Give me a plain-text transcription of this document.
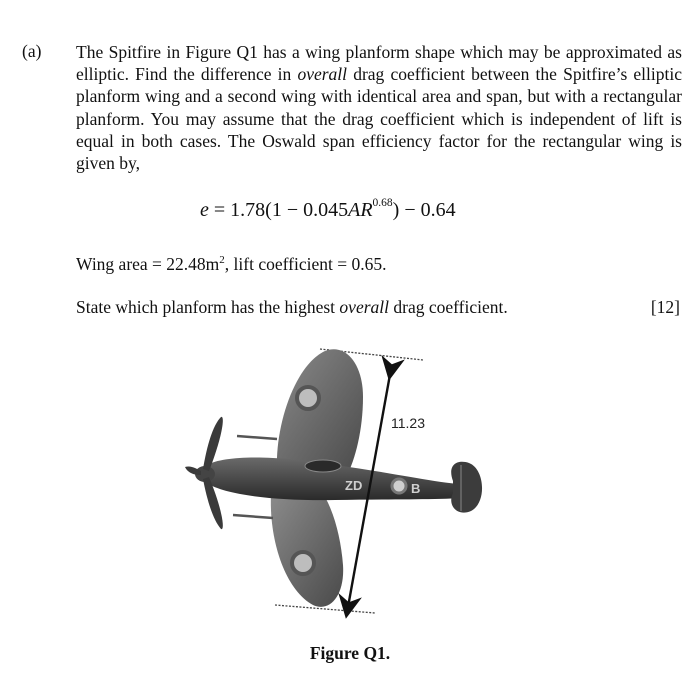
(a) The Spitfire in Figure Q1 has a wing planform shape which may be approximated as elliptic. Find the difference in overall drag coefficient between the Spitfire’s elliptic planform wing and a second wing with identical area and span, but with a rectangular planform. You may assume that the drag coefficient which is independent of lift is equal in both cases. The Oswald span efficiency factor for the rectangular wing is given by,

$e = 1.78(1 - 0.045AR^{0.68}) - 0.64$
Wing area = $22.48m^2$, lift coefficient = 0.65.
State which planform has the highest overall drag coefficient.	[12]
ZD	B
11.23
Figure Q1.
